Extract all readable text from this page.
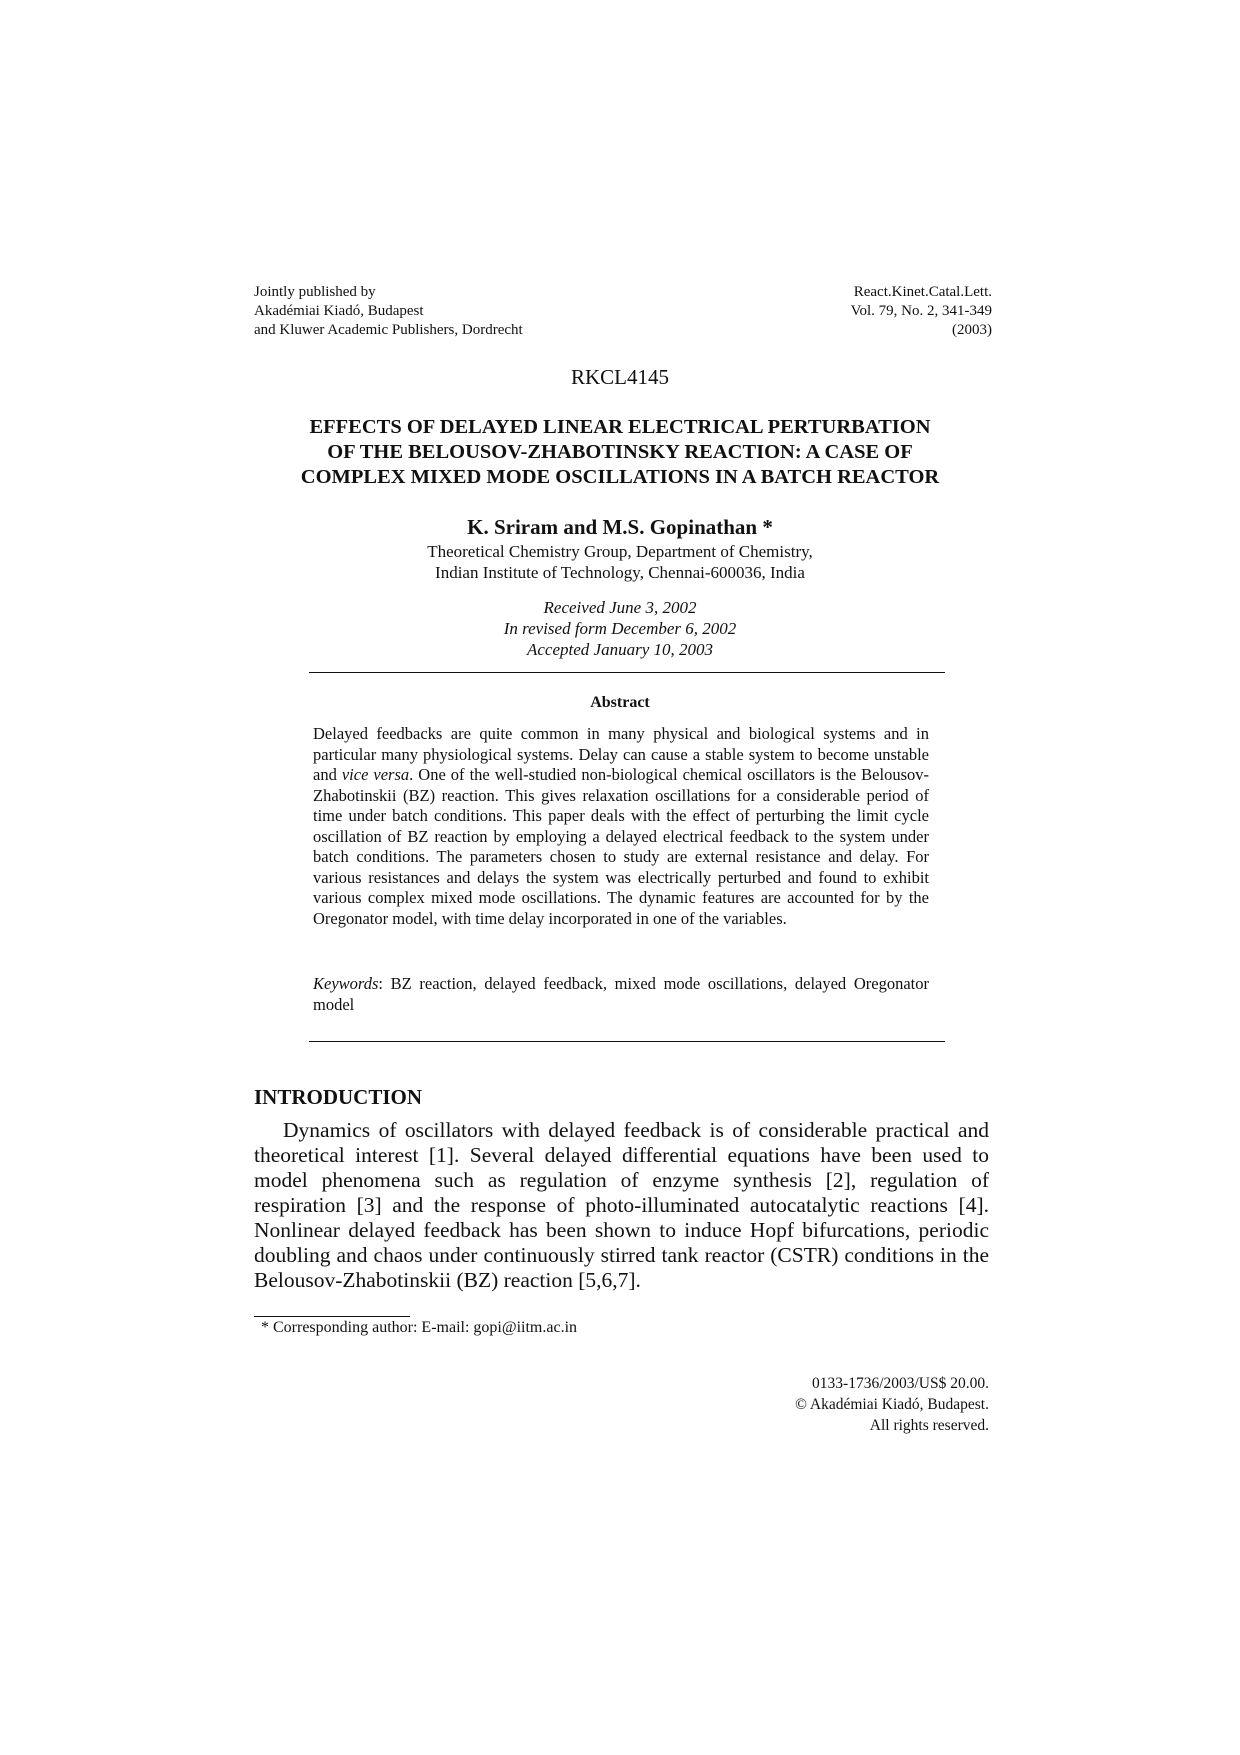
Jointly published by
Akadémiai Kiadó, Budapest
and Kluwer Academic Publishers, Dordrecht
React.Kinet.Catal.Lett.
Vol. 79, No. 2, 341-349
(2003)
RKCL4145
EFFECTS OF DELAYED LINEAR ELECTRICAL PERTURBATION
OF THE BELOUSOV-ZHABOTINSKY REACTION: A CASE OF
COMPLEX MIXED MODE OSCILLATIONS IN A BATCH REACTOR
K. Sriram and M.S. Gopinathan *
Theoretical Chemistry Group, Department of Chemistry,
Indian Institute of Technology, Chennai-600036, India
Received June 3, 2002
In revised form December 6, 2002
Accepted January 10, 2003
Abstract
Delayed feedbacks are quite common in many physical and biological systems and in particular many physiological systems. Delay can cause a stable system to become unstable and vice versa. One of the well-studied non-biological chemical oscillators is the Belousov-Zhabotinskii (BZ) reaction. This gives relaxation oscillations for a considerable period of time under batch conditions. This paper deals with the effect of perturbing the limit cycle oscillation of BZ reaction by employing a delayed electrical feedback to the system under batch conditions. The parameters chosen to study are external resistance and delay. For various resistances and delays the system was electrically perturbed and found to exhibit various complex mixed mode oscillations. The dynamic features are accounted for by the Oregonator model, with time delay incorporated in one of the variables.
Keywords: BZ reaction, delayed feedback, mixed mode oscillations, delayed Oregonator model
INTRODUCTION
Dynamics of oscillators with delayed feedback is of considerable practical and theoretical interest [1]. Several delayed differential equations have been used to model phenomena such as regulation of enzyme synthesis [2], regulation of respiration [3] and the response of photo-illuminated autocatalytic reactions [4]. Nonlinear delayed feedback has been shown to induce Hopf bifurcations, periodic doubling and chaos under continuously stirred tank reactor (CSTR) conditions in the Belousov-Zhabotinskii (BZ) reaction [5,6,7].
* Corresponding author: E-mail: gopi@iitm.ac.in
0133-1736/2003/US$ 20.00.
© Akadémiai Kiadó, Budapest.
All rights reserved.
